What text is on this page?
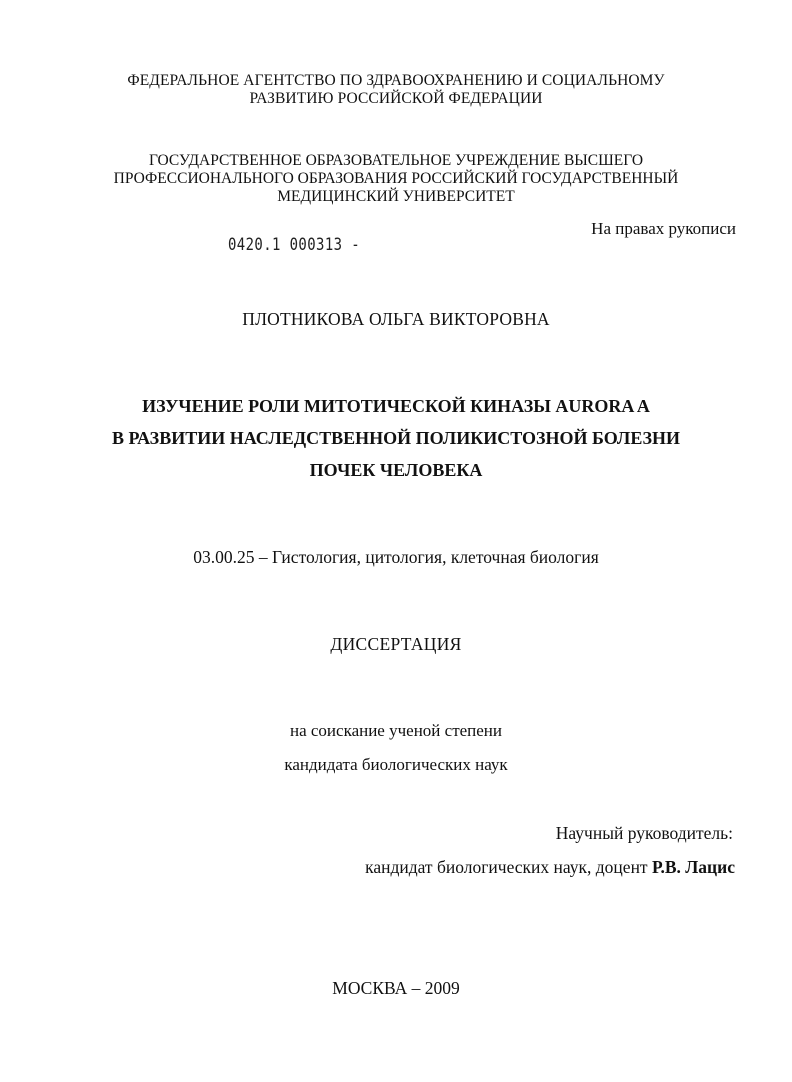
ФЕДЕРАЛЬНОЕ АГЕНТСТВО ПО ЗДРАВООХРАНЕНИЮ И СОЦИАЛЬНОМУ
РАЗВИТИЮ РОССИЙСКОЙ ФЕДЕРАЦИИ
ГОСУДАРСТВЕННОЕ ОБРАЗОВАТЕЛЬНОЕ УЧРЕЖДЕНИЕ ВЫСШЕГО
ПРОФЕССИОНАЛЬНОГО ОБРАЗОВАНИЯ РОССИЙСКИЙ ГОСУДАРСТВЕННЫЙ
МЕДИЦИНСКИЙ УНИВЕРСИТЕТ
На правах рукописи
0420.1 000313 -
ПЛОТНИКОВА ОЛЬГА ВИКТОРОВНА
ИЗУЧЕНИЕ РОЛИ МИТОТИЧЕСКОЙ КИНАЗЫ AURORA A
В РАЗВИТИИ НАСЛЕДСТВЕННОЙ ПОЛИКИСТОЗНОЙ БОЛЕЗНИ
ПОЧЕК ЧЕЛОВЕКА
03.00.25 – Гистология, цитология, клеточная биология
ДИССЕРТАЦИЯ
на соискание ученой степени
кандидата биологических наук
Научный руководитель:
кандидат биологических наук, доцент Р.В. Лацис
МОСКВА – 2009
